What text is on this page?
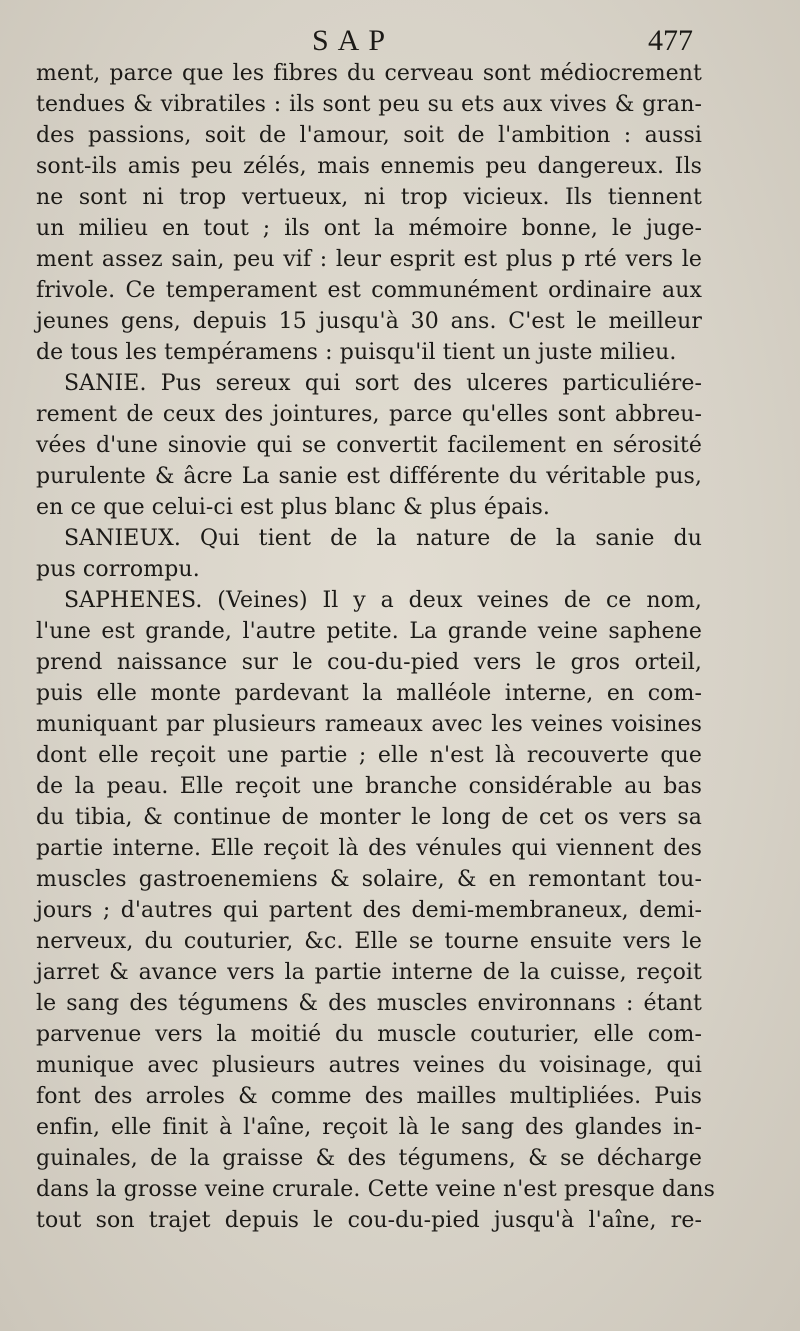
SAP	477
ment, parce que les fibres du cerveau sont médiocrement
tendues & vibratiles : ils sont peu su ets aux vives & gran-
des passions, soit de l'amour, soit de l'ambition : aussi
sont-ils amis peu zélés, mais ennemis peu dangereux. Ils
ne sont ni trop vertueux, ni trop vicieux. Ils tiennent
un milieu en tout ; ils ont la mémoire bonne, le juge-
ment assez sain, peu vif : leur esprit est plus p rté vers le
frivole. Ce temperament est communément ordinaire aux
jeunes gens, depuis 15 jusqu'à 30 ans. C'est le meilleur
de tous les tempéramens : puisqu'il tient un juste milieu.
SANIE. Pus sereux qui sort des ulceres particuliére-
rement de ceux des jointures, parce qu'elles sont abbreu-
vées d'une sinovie qui se convertit facilement en sérosité
purulente & âcre La sanie est différente du véritable pus,
en ce que celui-ci est plus blanc & plus épais.
SANIEUX. Qui tient de la nature de la sanie du
pus corrompu.
SAPHENES. (Veines) Il y a deux veines de ce nom,
l'une est grande, l'autre petite. La grande veine saphene
prend naissance sur le cou-du-pied vers le gros orteil,
puis elle monte pardevant la malléole interne, en com-
muniquant par plusieurs rameaux avec les veines voisines
dont elle reçoit une partie ; elle n'est là recouverte que
de la peau. Elle reçoit une branche considérable au bas
du tibia, & continue de monter le long de cet os vers sa
partie interne. Elle reçoit là des vénules qui viennent des
muscles gastroenemiens & solaire, & en remontant tou-
jours ; d'autres qui partent des demi-membraneux, demi-
nerveux, du couturier, &c. Elle se tourne ensuite vers le
jarret & avance vers la partie interne de la cuisse, reçoit
le sang des tégumens & des muscles environnans : étant
parvenue vers la moitié du muscle couturier, elle com-
munique avec plusieurs autres veines du voisinage, qui
font des arroles & comme des mailles multipliées. Puis
enfin, elle finit à l'aîne, reçoit là le sang des glandes in-
guinales, de la graisse & des tégumens, & se décharge
dans la grosse veine crurale. Cette veine n'est presque dans
tout son trajet depuis le cou-du-pied jusqu'à l'aîne, re-
